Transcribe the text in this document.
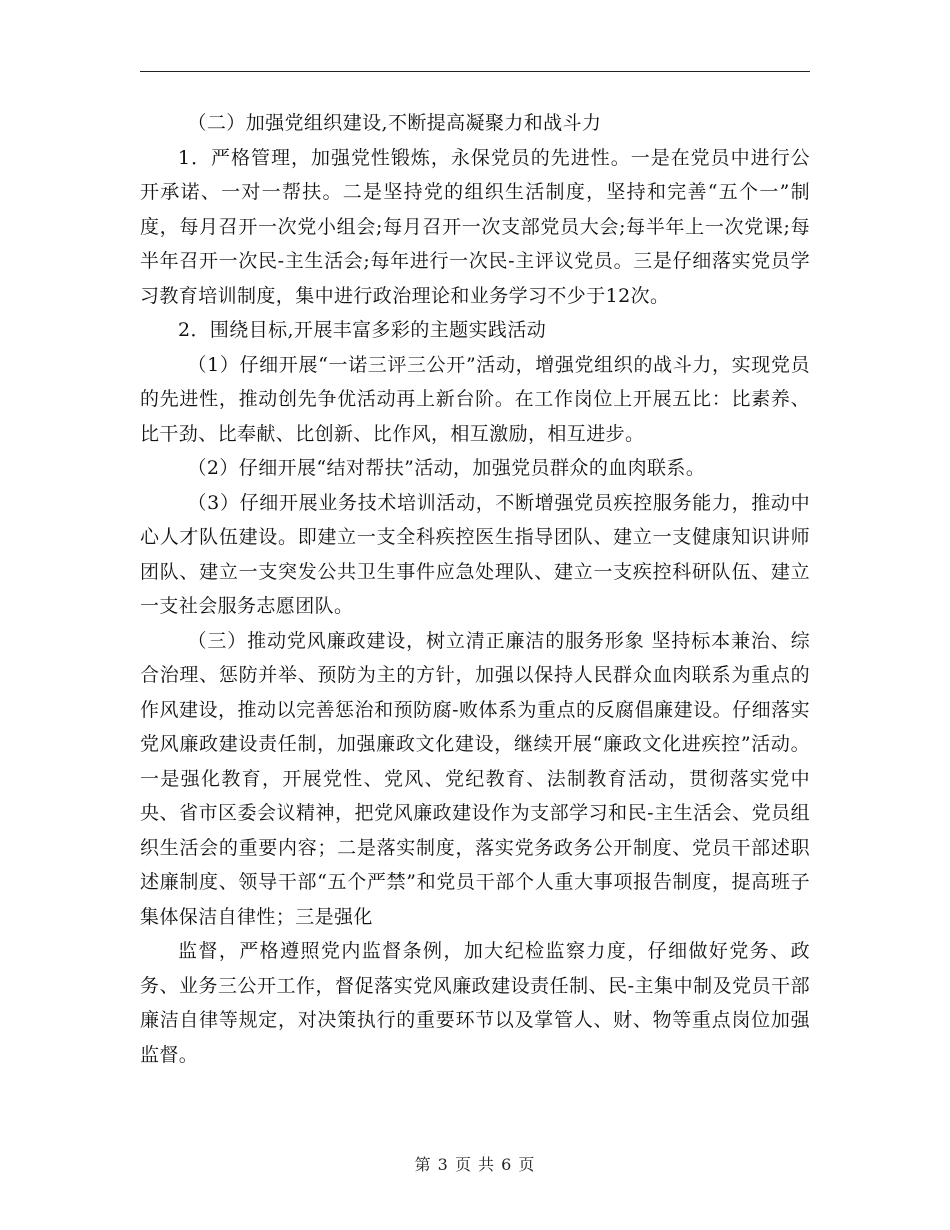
（二）加强党组织建设,不断提高凝聚力和战斗力

1．严格管理，加强党性锻炼，永保党员的先进性。一是在党员中进行公开承诺、一对一帮扶。二是坚持党的组织生活制度，坚持和完善“五个一”制度，每月召开一次党小组会;每月召开一次支部党员大会;每半年上一次党课;每半年召开一次民-主生活会;每年进行一次民-主评议党员。三是仔细落实党员学习教育培训制度，集中进行政治理论和业务学习不少于12次。

2．围绕目标,开展丰富多彩的主题实践活动

（1）仔细开展“一诺三评三公开”活动，增强党组织的战斗力，实现党员的先进性，推动创先争优活动再上新台阶。在工作岗位上开展五比：比素养、比干劲、比奉献、比创新、比作风，相互激励，相互进步。

（2）仔细开展“结对帮扶”活动，加强党员群众的血肉联系。

（3）仔细开展业务技术培训活动，不断增强党员疾控服务能力，推动中心人才队伍建设。即建立一支全科疾控医生指导团队、建立一支健康知识讲师团队、建立一支突发公共卫生事件应急处理队、建立一支疾控科研队伍、建立一支社会服务志愿团队。

（三）推动党风廉政建设，树立清正廉洁的服务形象 坚持标本兼治、综合治理、惩防并举、预防为主的方针，加强以保持人民群众血肉联系为重点的作风建设，推动以完善惩治和预防腐-败体系为重点的反腐倡廉建设。仔细落实党风廉政建设责任制，加强廉政文化建设，继续开展“廉政文化进疾控”活动。一是强化教育，开展党性、党风、党纪教育、法制教育活动，贯彻落实党中央、省市区委会议精神，把党风廉政建设作为支部学习和民-主生活会、党员组织生活会的重要内容；二是落实制度，落实党务政务公开制度、党员干部述职述廉制度、领导干部“五个严禁”和党员干部个人重大事项报告制度，提高班子集体保洁自律性；三是强化

监督，严格遵照党内监督条例，加大纪检监察力度，仔细做好党务、政务、业务三公开工作，督促落实党风廉政建设责任制、民-主集中制及党员干部廉洁自律等规定，对决策执行的重要环节以及掌管人、财、物等重点岗位加强监督。

第 3 页 共 6 页
